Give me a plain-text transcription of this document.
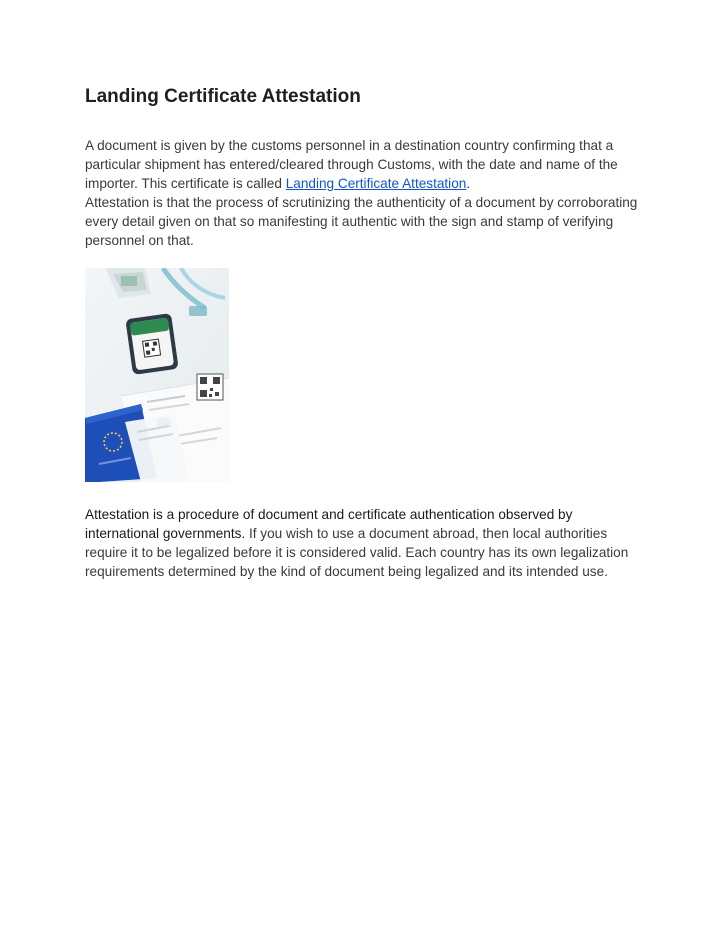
Landing Certificate Attestation

A document is given by the customs personnel in a destination country confirming that a particular shipment has entered/cleared through Customs, with the date and name of the importer. This certificate is called Landing Certificate Attestation.
Attestation is that the process of scrutinizing the authenticity of a document by corroborating every detail given on that so manifesting it authentic with the sign and stamp of verifying personnel on that.

Attestation is a procedure of document and certificate authentication observed by international governments. If you wish to use a document abroad, then local authorities require it to be legalized before it is considered valid. Each country has its own legalization requirements determined by the kind of document being legalized and its intended use.
